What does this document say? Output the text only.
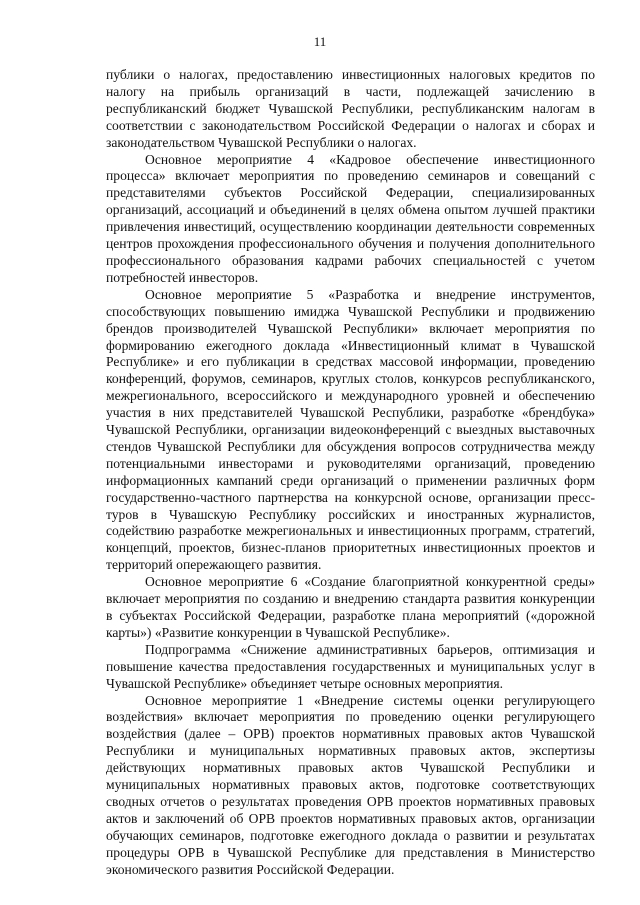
11

публики о налогах, предоставлению инвестиционных налоговых кредитов по налогу на прибыль организаций в части, подлежащей зачислению в республиканский бюджет Чувашской Республики, республиканским налогам в соответствии с законодательством Российской Федерации о налогах и сборах и законодательством Чувашской Республики о налогах.

Основное мероприятие 4 «Кадровое обеспечение инвестиционного процесса» включает мероприятия по проведению семинаров и совещаний с представителями субъектов Российской Федерации, специализированных организаций, ассоциаций и объединений в целях обмена опытом лучшей практики привлечения инвестиций, осуществлению координации деятельности современных центров прохождения профессионального обучения и получения дополнительного профессионального образования кадрами рабочих специальностей с учетом потребностей инвесторов.

Основное мероприятие 5 «Разработка и внедрение инструментов, способствующих повышению имиджа Чувашской Республики и продвижению брендов производителей Чувашской Республики» включает мероприятия по формированию ежегодного доклада «Инвестиционный климат в Чувашской Республике» и его публикации в средствах массовой информации, проведению конференций, форумов, семинаров, круглых столов, конкурсов республиканского, межрегионального, всероссийского и международного уровней и обеспечению участия в них представителей Чувашской Республики, разработке «брендбука» Чувашской Республики, организации видеоконференций с выездных выставочных стендов Чувашской Республики для обсуждения вопросов сотрудничества между потенциальными инвесторами и руководителями организаций, проведению информационных кампаний среди организаций о применении различных форм государственно-частного партнерства на конкурсной основе, организации пресс-туров в Чувашскую Республику российских и иностранных журналистов, содействию разработке межрегиональных и инвестиционных программ, стратегий, концепций, проектов, бизнес-планов приоритетных инвестиционных проектов и территорий опережающего развития.

Основное мероприятие 6 «Создание благоприятной конкурентной среды» включает мероприятия по созданию и внедрению стандарта развития конкуренции в субъектах Российской Федерации, разработке плана мероприятий («дорожной карты») «Развитие конкуренции в Чувашской Республике».

Подпрограмма «Снижение административных барьеров, оптимизация и повышение качества предоставления государственных и муниципальных услуг в Чувашской Республике» объединяет четыре основных мероприятия.

Основное мероприятие 1 «Внедрение системы оценки регулирующего воздействия» включает мероприятия по проведению оценки регулирующего воздействия (далее – ОРВ) проектов нормативных правовых актов Чувашской Республики и муниципальных нормативных правовых актов, экспертизы действующих нормативных правовых актов Чувашской Республики и муниципальных нормативных правовых актов, подготовке соответствующих сводных отчетов о результатах проведения ОРВ проектов нормативных правовых актов и заключений об ОРВ проектов нормативных правовых актов, организации обучающих семинаров, подготовке ежегодного доклада о развитии и результатах процедуры ОРВ в Чувашской Республике для представления в Министерство экономического развития Российской Федерации.
